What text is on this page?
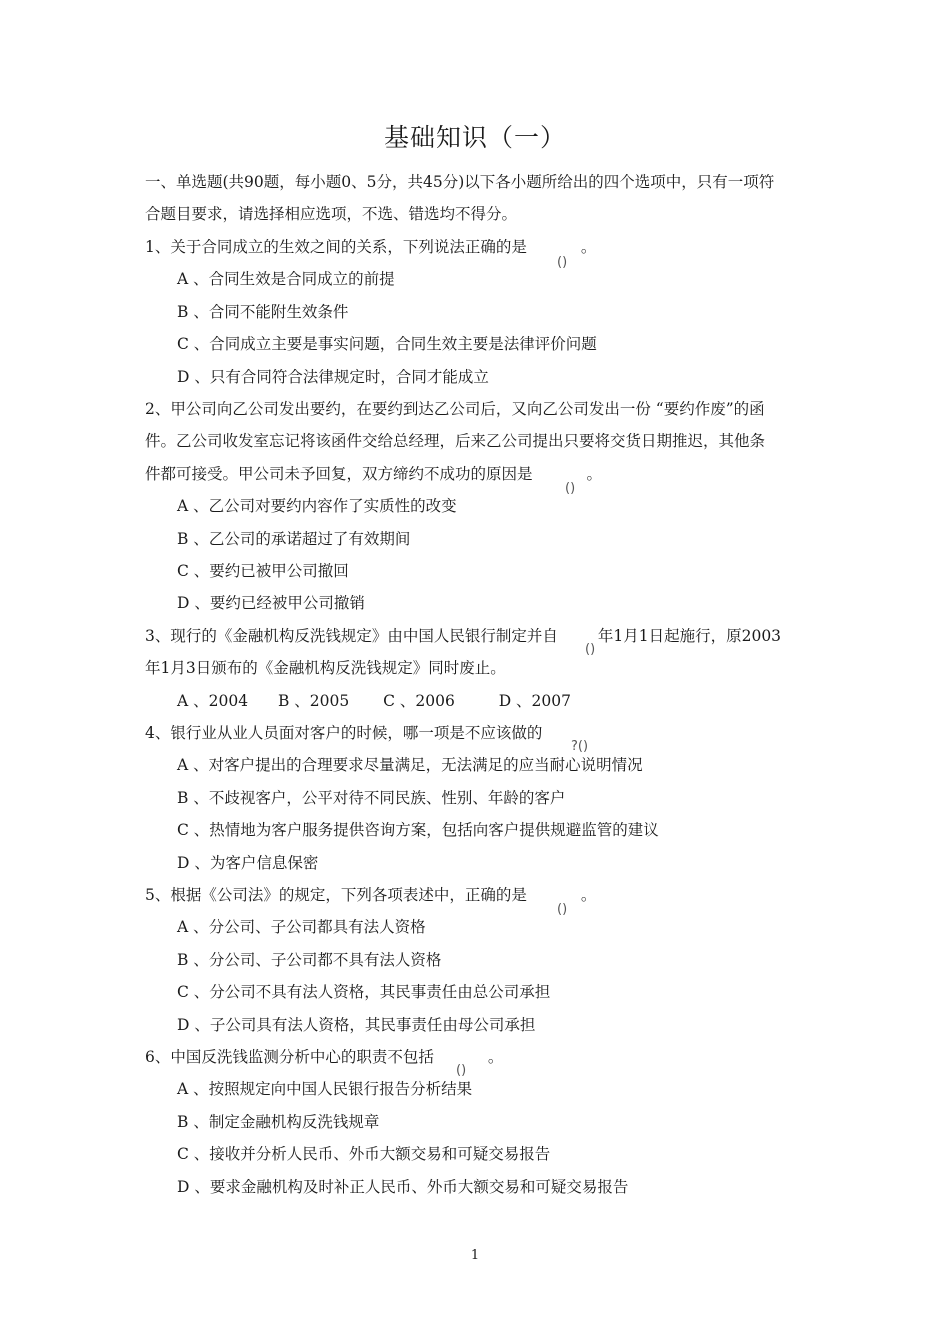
基础知识（一）
一、单选题(共90题，每小题0、5分，共45分)以下各小题所给出的四个选项中，只有一项符
合题目要求，请选择相应选项，不选、错选均不得分。
1、关于合同成立的生效之间的关系，下列说法正确的是	。
()
A 、合同生效是合同成立的前提
B 、合同不能附生效条件
C 、合同成立主要是事实问题，合同生效主要是法律评价问题
D 、只有合同符合法律规定时，合同才能成立
2、甲公司向乙公司发出要约，在要约到达乙公司后，又向乙公司发出一份 “要约作废”的函
件。乙公司收发室忘记将该函件交给总经理，后来乙公司提出只要将交货日期推迟，其他条
件都可接受。甲公司未予回复，双方缔约不成功的原因是	。
()
A 、乙公司对要约内容作了实质性的改变
B 、乙公司的承诺超过了有效期间
C 、要约已被甲公司撤回
D 、要约已经被甲公司撤销
3、现行的《金融机构反洗钱规定》由中国人民银行制定并自	年1月1日起施行，原2003
年1月3日颁布的《金融机构反洗钱规定》同时废止。
()
A 、2004 B 、2005 C 、2006	D 、2007
4、银行业从业人员面对客户的时候，哪一项是不应该做的
?()
A 、对客户提出的合理要求尽量满足，无法满足的应当耐心说明情况
B 、不歧视客户，公平对待不同民族、性别、年龄的客户
C 、热情地为客户服务提供咨询方案，包括向客户提供规避监管的建议
D 、为客户信息保密
5、根据《公司法》的规定，下列各项表述中，正确的是	。
()
A 、分公司、子公司都具有法人资格
B 、分公司、子公司都不具有法人资格
C 、分公司不具有法人资格，其民事责任由总公司承担
D 、子公司具有法人资格，其民事责任由母公司承担
6、中国反洗钱监测分析中心的职责不包括	。
()
A 、按照规定向中国人民银行报告分析结果
B 、制定金融机构反洗钱规章
C 、接收并分析人民币、外币大额交易和可疑交易报告
D 、要求金融机构及时补正人民币、外币大额交易和可疑交易报告
1
